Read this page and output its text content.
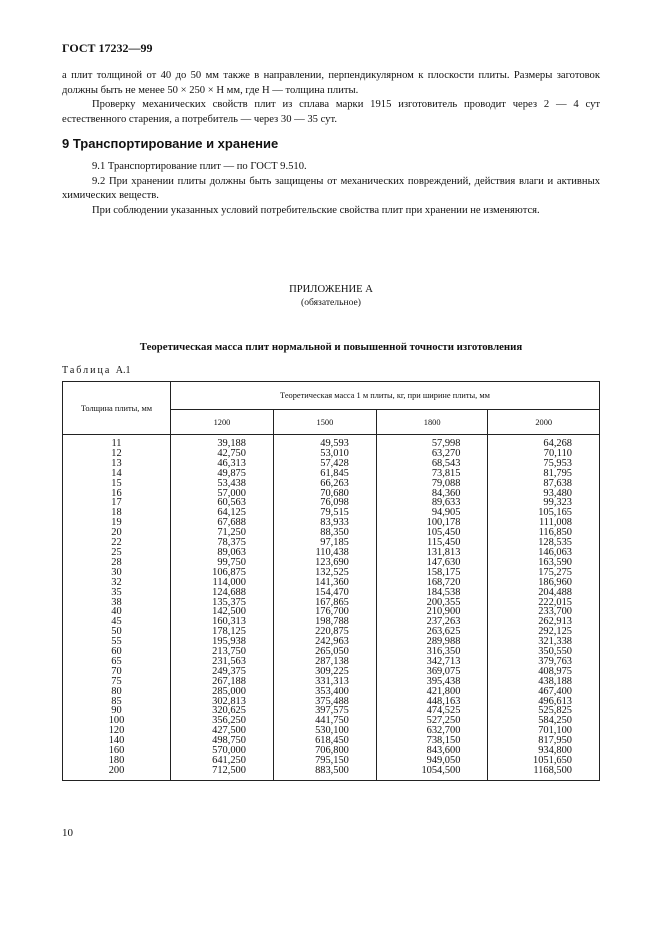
ГОСТ 17232—99

а плит толщиной от 40 до 50 мм также в направлении, перпендикулярном к плоскости плиты. Размеры заготовок должны быть не менее 50 × 250 × H мм, где H — толщина плиты.

Проверку механических свойств плит из сплава марки 1915 изготовитель проводит через 2 — 4 сут естественного старения, а потребитель — через 30 — 35 сут.

9 Транспортирование и хранение

9.1 Транспортирование плит — по ГОСТ 9.510.

9.2 При хранении плиты должны быть защищены от механических повреждений, действия влаги и активных химических веществ.

При соблюдении указанных условий потребительские свойства плит при хранении не изменяются.

ПРИЛОЖЕНИЕ А
(обязательное)
Теоретическая масса плит нормальной и повышенной точности изготовления
Таблица А.1
Толщина плиты, мм	Теоретическая масса 1 м плиты, кг, при ширине плиты, мм			
	1200	1500	1800	2000
11	39,188	49,593	57,998	64,268
12	42,750	53,010	63,270	70,110
13	46,313	57,428	68,543	75,953
14	49,875	61,845	73,815	81,795
15	53,438	66,263	79,088	87,638
16	57,000	70,680	84,360	93,480
17	60,563	76,098	89,633	99,323
18	64,125	79,515	94,905	105,165
19	67,688	83,933	100,178	111,008
20	71,250	88,350	105,450	116,850
22	78,375	97,185	115,450	128,535
25	89,063	110,438	131,813	146,063
28	99,750	123,690	147,630	163,590
30	106,875	132,525	158,175	175,275
32	114,000	141,360	168,720	186,960
35	124,688	154,470	184,538	204,488
38	135,375	167,865	200,355	222,015
40	142,500	176,700	210,900	233,700
45	160,313	198,788	237,263	262,913
50	178,125	220,875	263,625	292,125
55	195,938	242,963	289,988	321,338
60	213,750	265,050	316,350	350,550
65	231,563	287,138	342,713	379,763
70	249,375	309,225	369,075	408,975
75	267,188	331,313	395,438	438,188
80	285,000	353,400	421,800	467,400
85	302,813	375,488	448,163	496,613
90	320,625	397,575	474,525	525,825
100	356,250	441,750	527,250	584,250
120	427,500	530,100	632,700	701,100
140	498,750	618,450	738,150	817,950
160	570,000	706,800	843,600	934,800
180	641,250	795,150	949,050	1051,650
200	712,500	883,500	1054,500	1168,500
10
